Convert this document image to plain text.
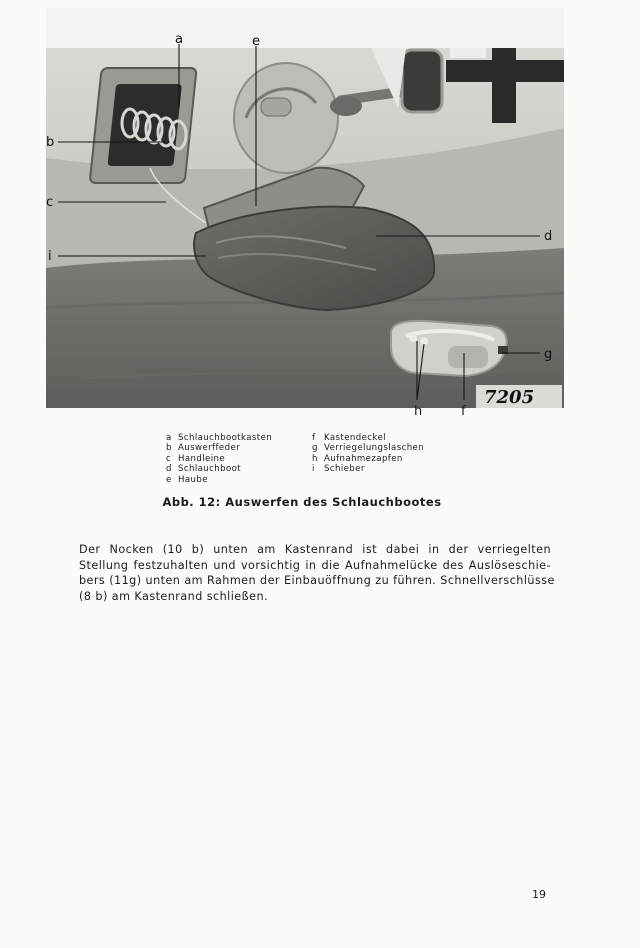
7205
a	e
b
c
i
d
g
h	f
a Schlauchbootkasten
b Auswerffeder
c Handleine
d Schlauchboot
e Haube
f Kastendeckel
g Verriegelungslaschen
h Aufnahmezapfen
i Schieber
Abb. 12: Auswerfen des Schlauchbootes

Der Nocken (10 b) unten am Kastenrand ist dabei in der verriegelten
Stellung festzuhalten und vorsichtig in die Aufnahmelücke des Auslöseschie-
bers (11g) unten am Rahmen der Einbauöffnung zu führen. Schnellverschlüsse
(8 b) am Kastenrand schließen.

19
